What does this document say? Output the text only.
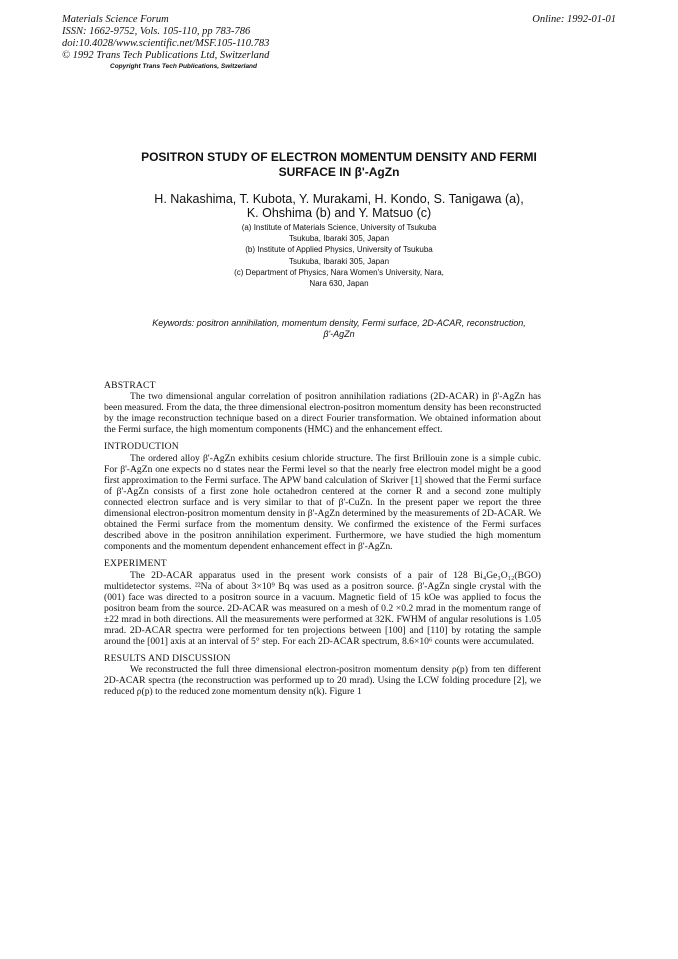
Materials Science Forum
ISSN: 1662-9752, Vols. 105-110, pp 783-786
doi:10.4028/www.scientific.net/MSF.105-110.783
© 1992 Trans Tech Publications Ltd, Switzerland
Copyright Trans Tech Publications, Switzerland
Online: 1992-01-01
POSITRON STUDY OF ELECTRON MOMENTUM DENSITY AND FERMI
SURFACE IN β'-AgZn
H. Nakashima, T. Kubota, Y. Murakami, H. Kondo, S. Tanigawa (a),
K. Ohshima (b) and Y. Matsuo (c)
(a) Institute of Materials Science, University of Tsukuba
Tsukuba, Ibaraki 305, Japan
(b) Institute of Applied Physics, University of Tsukuba
Tsukuba, Ibaraki 305, Japan
(c) Department of Physics, Nara Women's University, Nara,
Nara 630, Japan
Keywords: positron annihilation, momentum density, Fermi surface, 2D-ACAR, reconstruction,
β'-AgZn
ABSTRACT
The two dimensional angular correlation of positron annihilation radiations (2D-ACAR) in β'-AgZn has been measured. From the data, the three dimensional electron-positron momentum density has been reconstructed by the image reconstruction technique based on a direct Fourier transformation. We obtained information about the Fermi surface, the high momentum components (HMC) and the enhancement effect.
INTRODUCTION
The ordered alloy β'-AgZn exhibits cesium chloride structure. The first Brillouin zone is a simple cubic. For β'-AgZn one expects no d states near the Fermi level so that the nearly free electron model might be a good first approximation to the Fermi surface. The APW band calculation of Skriver [1] showed that the Fermi surface of β'-AgZn consists of a first zone hole octahedron centered at the corner R and a second zone multiply connected electron surface and is very similar to that of β'-CuZn. In the present paper we report the three dimensional electron-positron momentum density in β'-AgZn determined by the measurements of 2D-ACAR. We obtained the Fermi surface from the momentum density. We confirmed the existence of the Fermi surfaces described above in the positron annihilation experiment. Furthermore, we have studied the high momentum components and the momentum dependent enhancement effect in β'-AgZn.
EXPERIMENT
The 2D-ACAR apparatus used in the present work consists of a pair of 128 Bi₄Ge₃O₁₂(BGO) multidetector systems. ²²Na of about 3×10⁹ Bq was used as a positron source. β'-AgZn single crystal with the (001) face was directed to a positron source in a vacuum. Magnetic field of 15 kOe was applied to focus the positron beam from the source. 2D-ACAR was measured on a mesh of 0.2 ×0.2 mrad in the momentum range of ±22 mrad in both directions. All the measurements were performed at 32K. FWHM of angular resolutions is 1.05 mrad. 2D-ACAR spectra were performed for ten projections between [100] and [110] by rotating the sample around the [001] axis at an interval of 5° step. For each 2D-ACAR spectrum, 8.6×10⁶ counts were accumulated.
RESULTS AND DISCUSSION
We reconstructed the full three dimensional electron-positron momentum density ρ(p) from ten different 2D-ACAR spectra (the reconstruction was performed up to 20 mrad). Using the LCW folding procedure [2], we reduced ρ(p) to the reduced zone momentum density n(k). Figure 1
